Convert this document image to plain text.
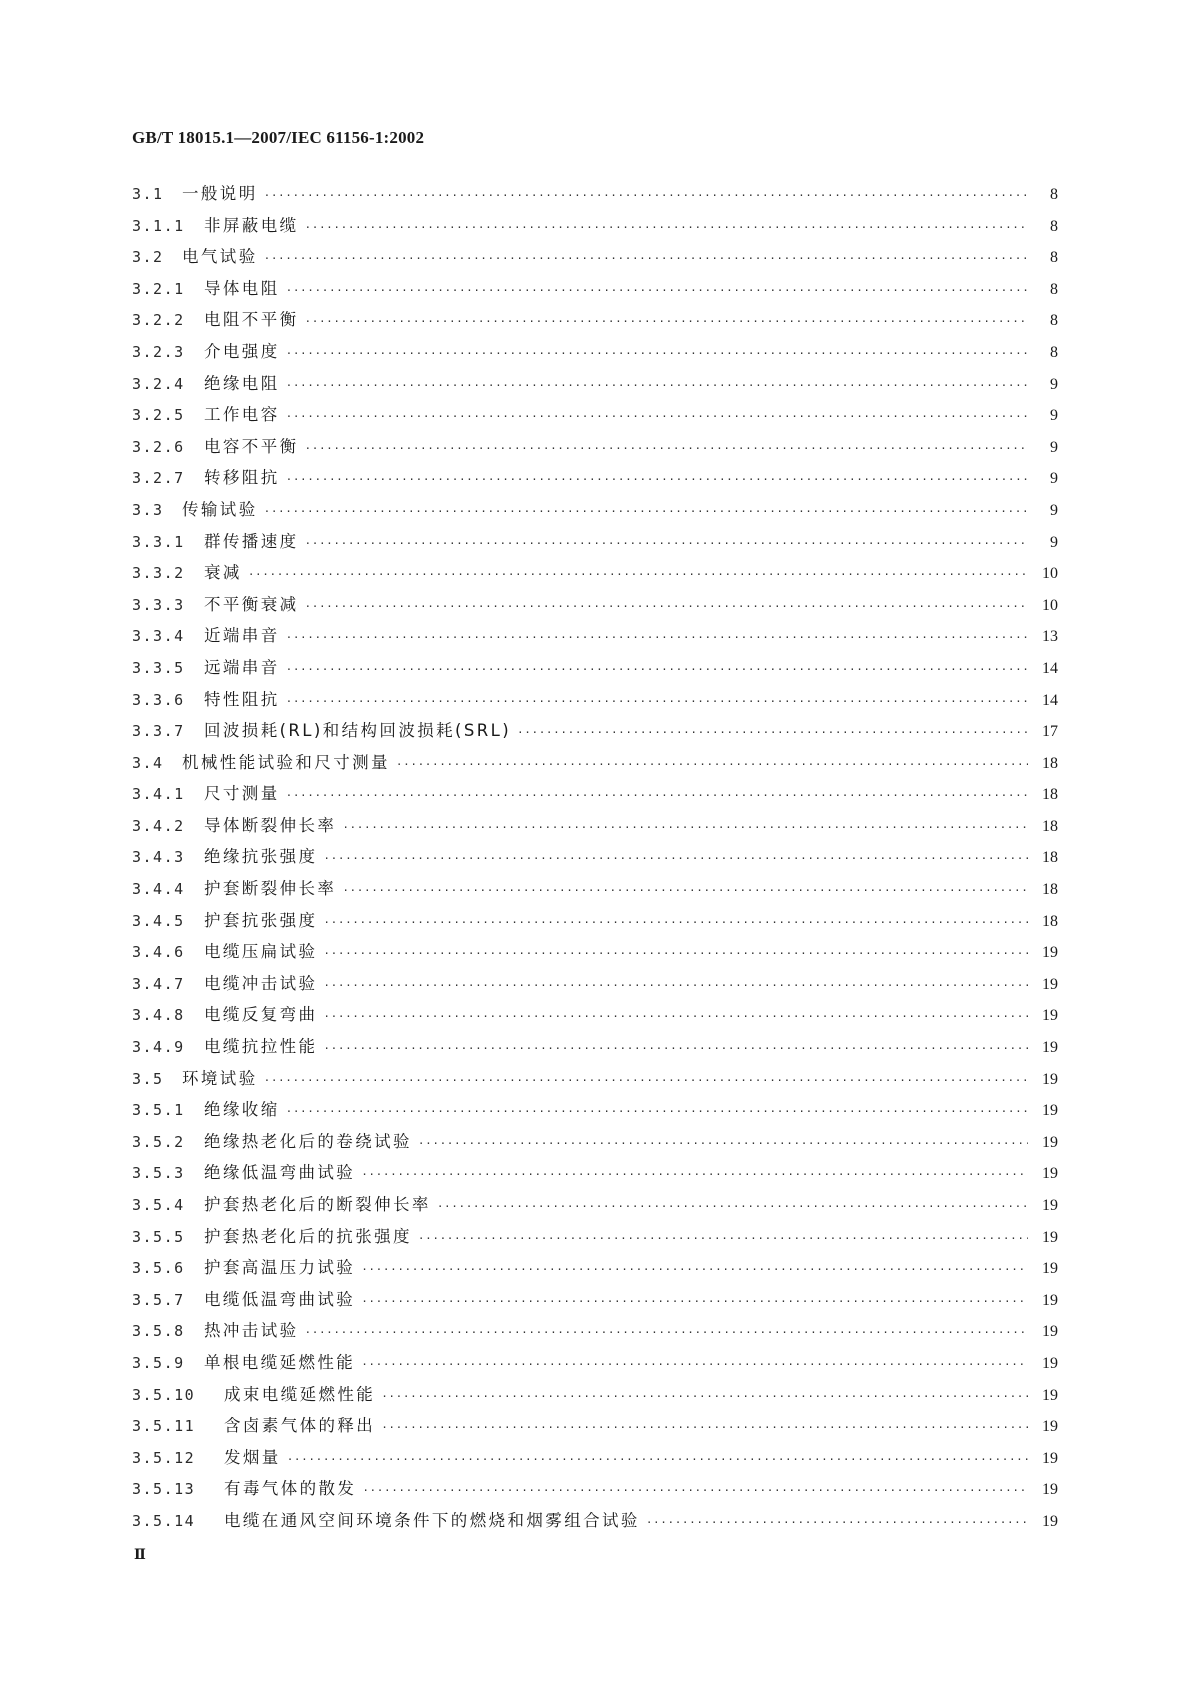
GB/T 18015.1—2007/IEC 61156-1:2002
3.1	一般说明 ·····	8
3.1.1	非屏蔽电缆 ·····	8
3.2	电气试验 ·····	8
3.2.1	导体电阻 ·····	8
3.2.2	电阻不平衡 ·····	8
3.2.3	介电强度 ·····	8
3.2.4	绝缘电阻 ·····	9
3.2.5	工作电容 ·····	9
3.2.6	电容不平衡 ·····	9
3.2.7	转移阻抗 ·····	9
3.3	传输试验 ·····	9
3.3.1	群传播速度 ·····	9
3.3.2	衰减 ·····	10
3.3.3	不平衡衰减 ·····	10
3.3.4	近端串音 ·····	13
3.3.5	远端串音 ·····	14
3.3.6	特性阻抗 ·····	14
3.3.7	回波损耗(RL)和结构回波损耗(SRL) ·····	17
3.4	机械性能试验和尺寸测量 ·····	18
3.4.1	尺寸测量 ·····	18
3.4.2	导体断裂伸长率 ·····	18
3.4.3	绝缘抗张强度 ·····	18
3.4.4	护套断裂伸长率 ·····	18
3.4.5	护套抗张强度 ·····	18
3.4.6	电缆压扁试验 ·····	19
3.4.7	电缆冲击试验 ·····	19
3.4.8	电缆反复弯曲 ·····	19
3.4.9	电缆抗拉性能 ·····	19
3.5	环境试验 ·····	19
3.5.1	绝缘收缩 ·····	19
3.5.2	绝缘热老化后的卷绕试验 ·····	19
3.5.3	绝缘低温弯曲试验 ·····	19
3.5.4	护套热老化后的断裂伸长率 ·····	19
3.5.5	护套热老化后的抗张强度 ·····	19
3.5.6	护套高温压力试验 ·····	19
3.5.7	电缆低温弯曲试验 ·····	19
3.5.8	热冲击试验 ·····	19
3.5.9	单根电缆延燃性能 ·····	19
3.5.10	成束电缆延燃性能 ·····	19
3.5.11	含卤素气体的释出 ·····	19
3.5.12	发烟量 ·····	19
3.5.13	有毒气体的散发 ·····	19
3.5.14	电缆在通风空间环境条件下的燃烧和烟雾组合试验 ·····	19
Ⅱ
